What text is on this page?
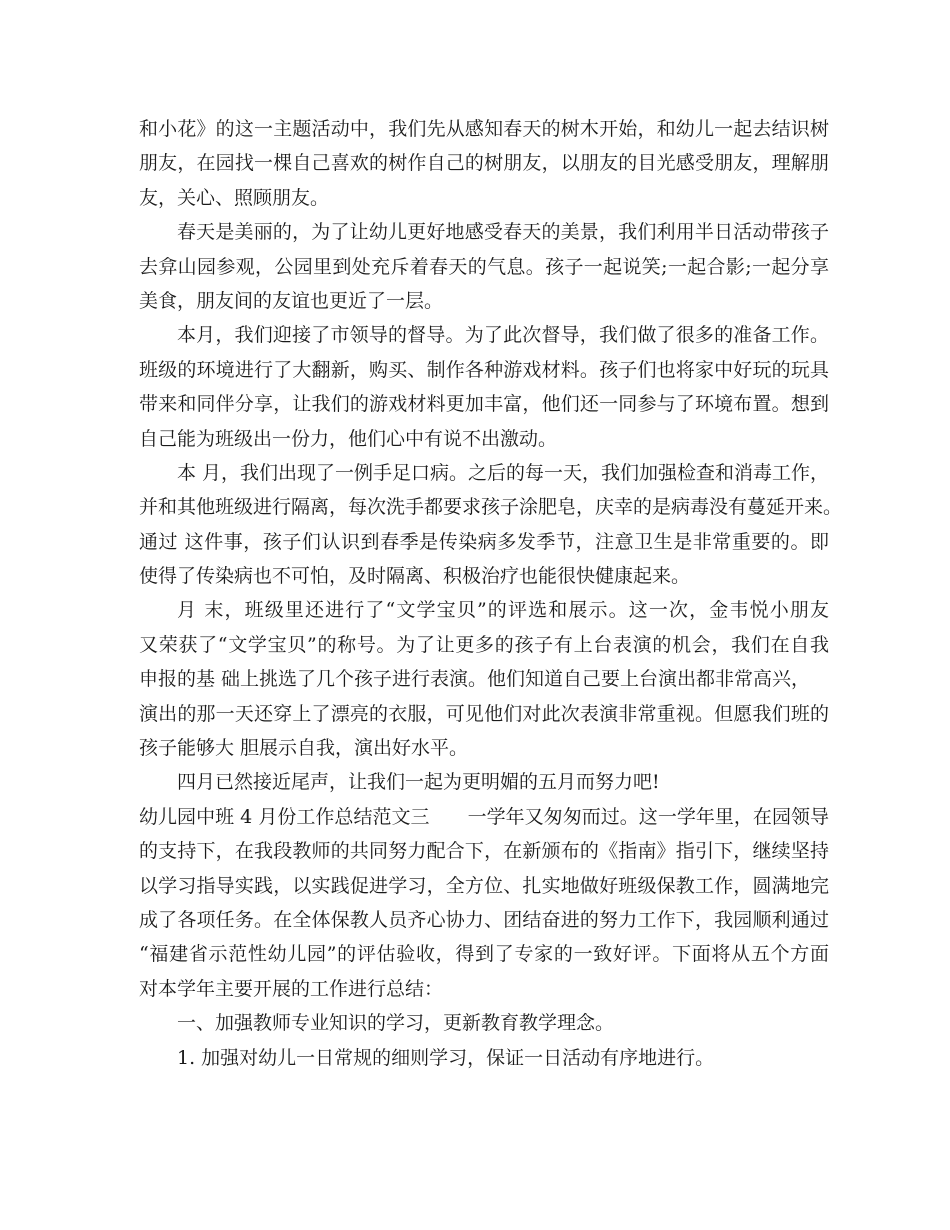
和小花》的这一主题活动中，我们先从感知春天的树木开始，和幼儿一起去结识树
朋友，在园找一棵自己喜欢的树作自己的树朋友，以朋友的目光感受朋友，理解朋
友，关心、照顾朋友。
春天是美丽的，为了让幼儿更好地感受春天的美景，我们利用半日活动带孩子
去弇山园参观，公园里到处充斥着春天的气息。孩子一起说笑;一起合影;一起分享
美食，朋友间的友谊也更近了一层。
本月，我们迎接了市领导的督导。为了此次督导，我们做了很多的准备工作。
班级的环境进行了大翻新，购买、制作各种游戏材料。孩子们也将家中好玩的玩具
带来和同伴分享，让我们的游戏材料更加丰富，他们还一同参与了环境布置。想到
自己能为班级出一份力，他们心中有说不出激动。
本 月，我们出现了一例手足口病。之后的每一天，我们加强检查和消毒工作，
并和其他班级进行隔离，每次洗手都要求孩子涂肥皂，庆幸的是病毒没有蔓延开来。
通过 这件事，孩子们认识到春季是传染病多发季节，注意卫生是非常重要的。即
使得了传染病也不可怕，及时隔离、积极治疗也能很快健康起来。
月 末，班级里还进行了“文学宝贝”的评选和展示。这一次，金韦悦小朋友
又荣获了“文学宝贝”的称号。为了让更多的孩子有上台表演的机会，我们在自我
申报的基 础上挑选了几个孩子进行表演。他们知道自己要上台演出都非常高兴，
演出的那一天还穿上了漂亮的衣服，可见他们对此次表演非常重视。但愿我们班的
孩子能够大 胆展示自我，演出好水平。
四月已然接近尾声，让我们一起为更明媚的五月而努力吧!
幼儿园中班 4 月份工作总结范文三　　一学年又匆匆而过。这一学年里，在园领导
的支持下，在我段教师的共同努力配合下，在新颁布的《指南》指引下，继续坚持
以学习指导实践，以实践促进学习，全方位、扎实地做好班级保教工作，圆满地完
成了各项任务。在全体保教人员齐心协力、团结奋进的努力工作下，我园顺利通过
“福建省示范性幼儿园”的评估验收，得到了专家的一致好评。下面将从五个方面
对本学年主要开展的工作进行总结：
一、加强教师专业知识的学习，更新教育教学理念。
1. 加强对幼儿一日常规的细则学习，保证一日活动有序地进行。
